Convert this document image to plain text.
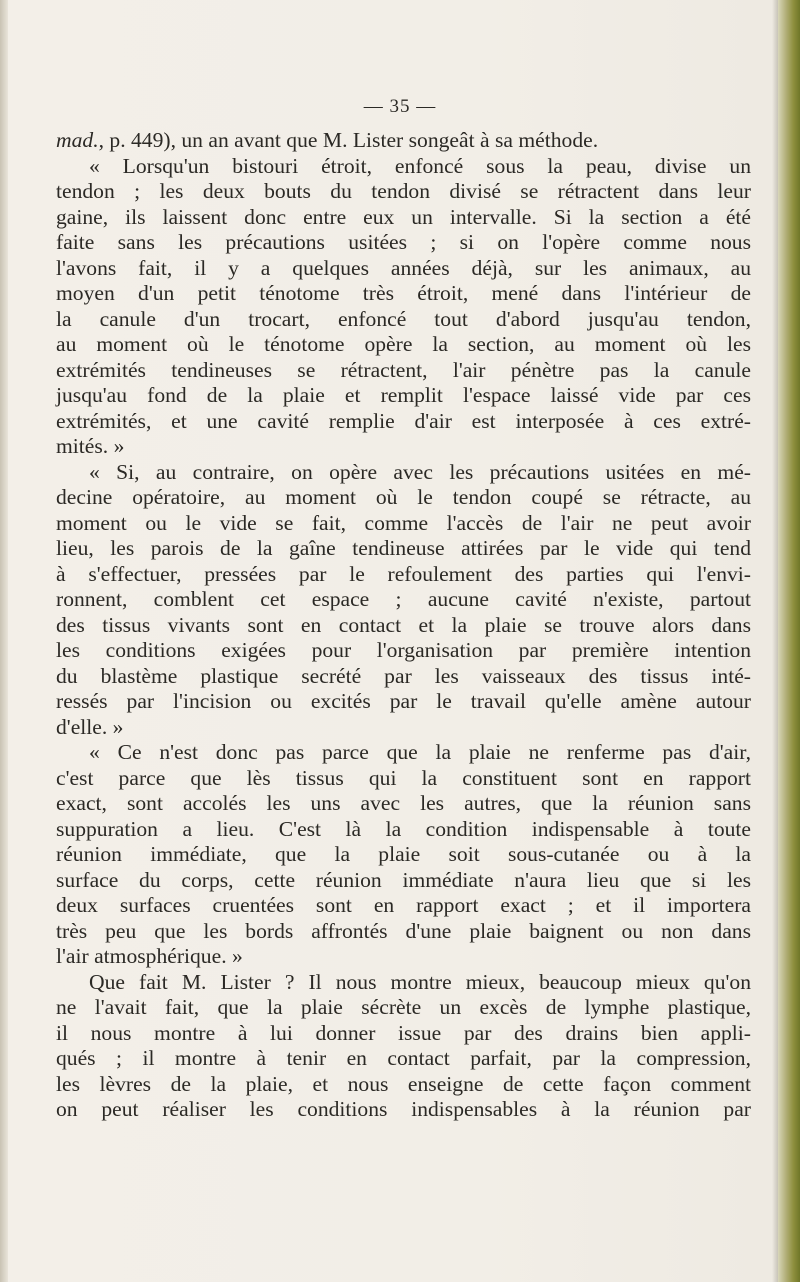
— 35 —
mad., p. 449), un an avant que M. Lister songeât à sa méthode.
« Lorsqu'un bistouri étroit, enfoncé sous la peau, divise un
tendon ; les deux bouts du tendon divisé se rétractent dans leur
gaine, ils laissent donc entre eux un intervalle. Si la section a été
faite sans les précautions usitées ; si on l'opère comme nous
l'avons fait, il y a quelques années déjà, sur les animaux, au
moyen d'un petit ténotome très étroit, mené dans l'intérieur de
la canule d'un trocart, enfoncé tout d'abord jusqu'au tendon,
au moment où le ténotome opère la section, au moment où les
extrémités tendineuses se rétractent, l'air pénètre pas la canule
jusqu'au fond de la plaie et remplit l'espace laissé vide par ces
extrémités, et une cavité remplie d'air est interposée à ces extré-
mités. »
« Si, au contraire, on opère avec les précautions usitées en mé-
decine opératoire, au moment où le tendon coupé se rétracte, au
moment ou le vide se fait, comme l'accès de l'air ne peut avoir
lieu, les parois de la gaîne tendineuse attirées par le vide qui tend
à s'effectuer, pressées par le refoulement des parties qui l'envi-
ronnent, comblent cet espace ; aucune cavité n'existe, partout
des tissus vivants sont en contact et la plaie se trouve alors dans
les conditions exigées pour l'organisation par première intention
du blastème plastique secrété par les vaisseaux des tissus inté-
ressés par l'incision ou excités par le travail qu'elle amène autour
d'elle. »
« Ce n'est donc pas parce que la plaie ne renferme pas d'air,
c'est parce que lès tissus qui la constituent sont en rapport
exact, sont accolés les uns avec les autres, que la réunion sans
suppuration a lieu. C'est là la condition indispensable à toute
réunion immédiate, que la plaie soit sous-cutanée ou à la
surface du corps, cette réunion immédiate n'aura lieu que si les
deux surfaces cruentées sont en rapport exact ; et il importera
très peu que les bords affrontés d'une plaie baignent ou non dans
l'air atmosphérique. »
Que fait M. Lister ? Il nous montre mieux, beaucoup mieux qu'on
ne l'avait fait, que la plaie sécrète un excès de lymphe plastique,
il nous montre à lui donner issue par des drains bien appli-
qués ; il montre à tenir en contact parfait, par la compression,
les lèvres de la plaie, et nous enseigne de cette façon comment
on peut réaliser les conditions indispensables à la réunion par
